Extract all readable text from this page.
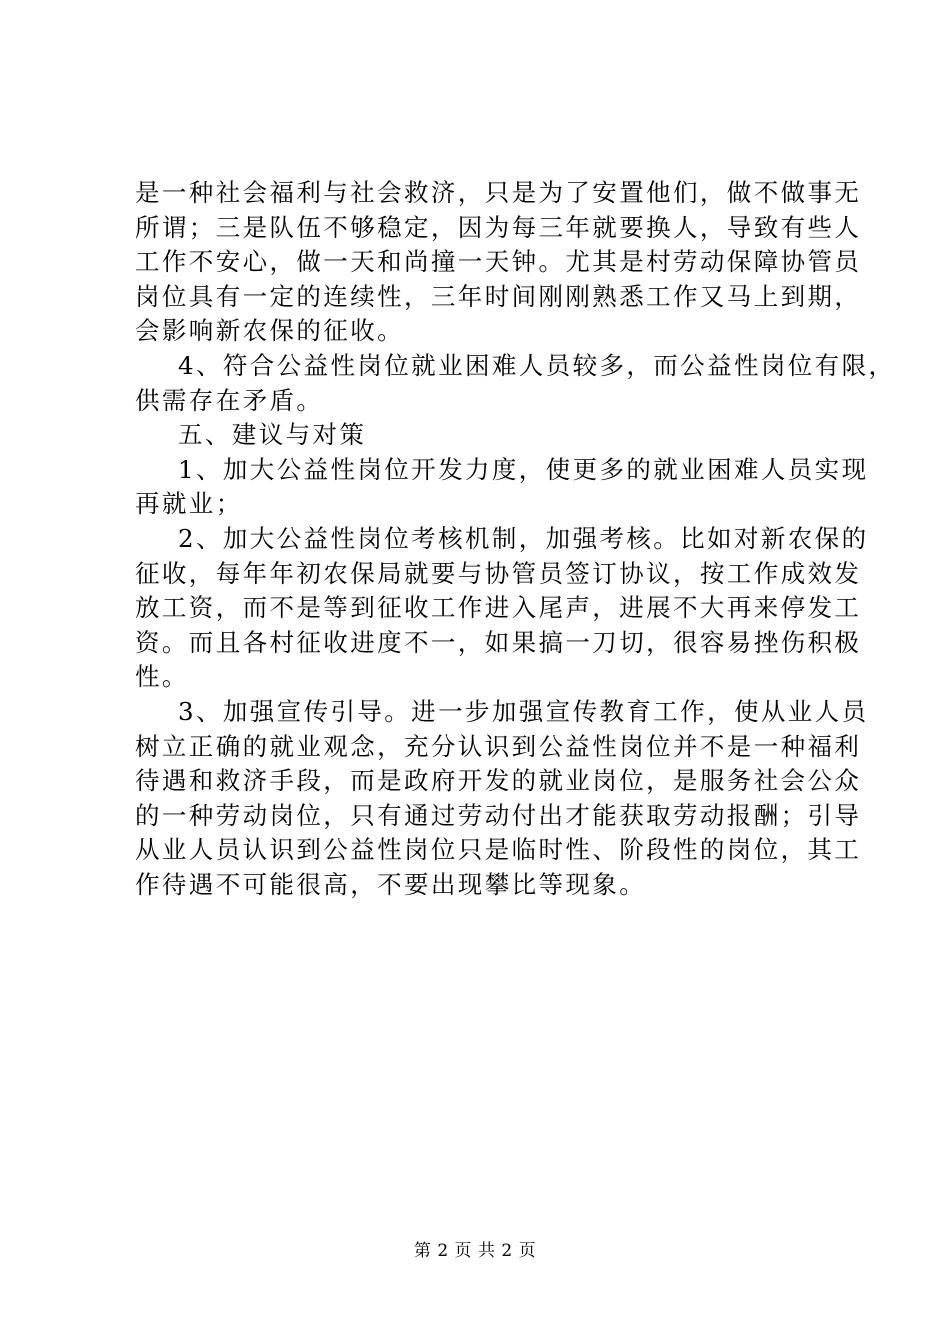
是一种社会福利与社会救济，只是为了安置他们，做不做事无
所谓；三是队伍不够稳定，因为每三年就要换人，导致有些人
工作不安心，做一天和尚撞一天钟。尤其是村劳动保障协管员
岗位具有一定的连续性，三年时间刚刚熟悉工作又马上到期，
会影响新农保的征收。
4、符合公益性岗位就业困难人员较多，而公益性岗位有限，
供需存在矛盾。
五、建议与对策
1、加大公益性岗位开发力度，使更多的就业困难人员实现
再就业；
2、加大公益性岗位考核机制，加强考核。比如对新农保的
征收，每年年初农保局就要与协管员签订协议，按工作成效发
放工资，而不是等到征收工作进入尾声，进展不大再来停发工
资。而且各村征收进度不一，如果搞一刀切，很容易挫伤积极
性。
3、加强宣传引导。进一步加强宣传教育工作，使从业人员
树立正确的就业观念，充分认识到公益性岗位并不是一种福利
待遇和救济手段，而是政府开发的就业岗位，是服务社会公众
的一种劳动岗位，只有通过劳动付出才能获取劳动报酬；引导
从业人员认识到公益性岗位只是临时性、阶段性的岗位，其工
作待遇不可能很高，不要出现攀比等现象。
第 2 页 共 2 页
